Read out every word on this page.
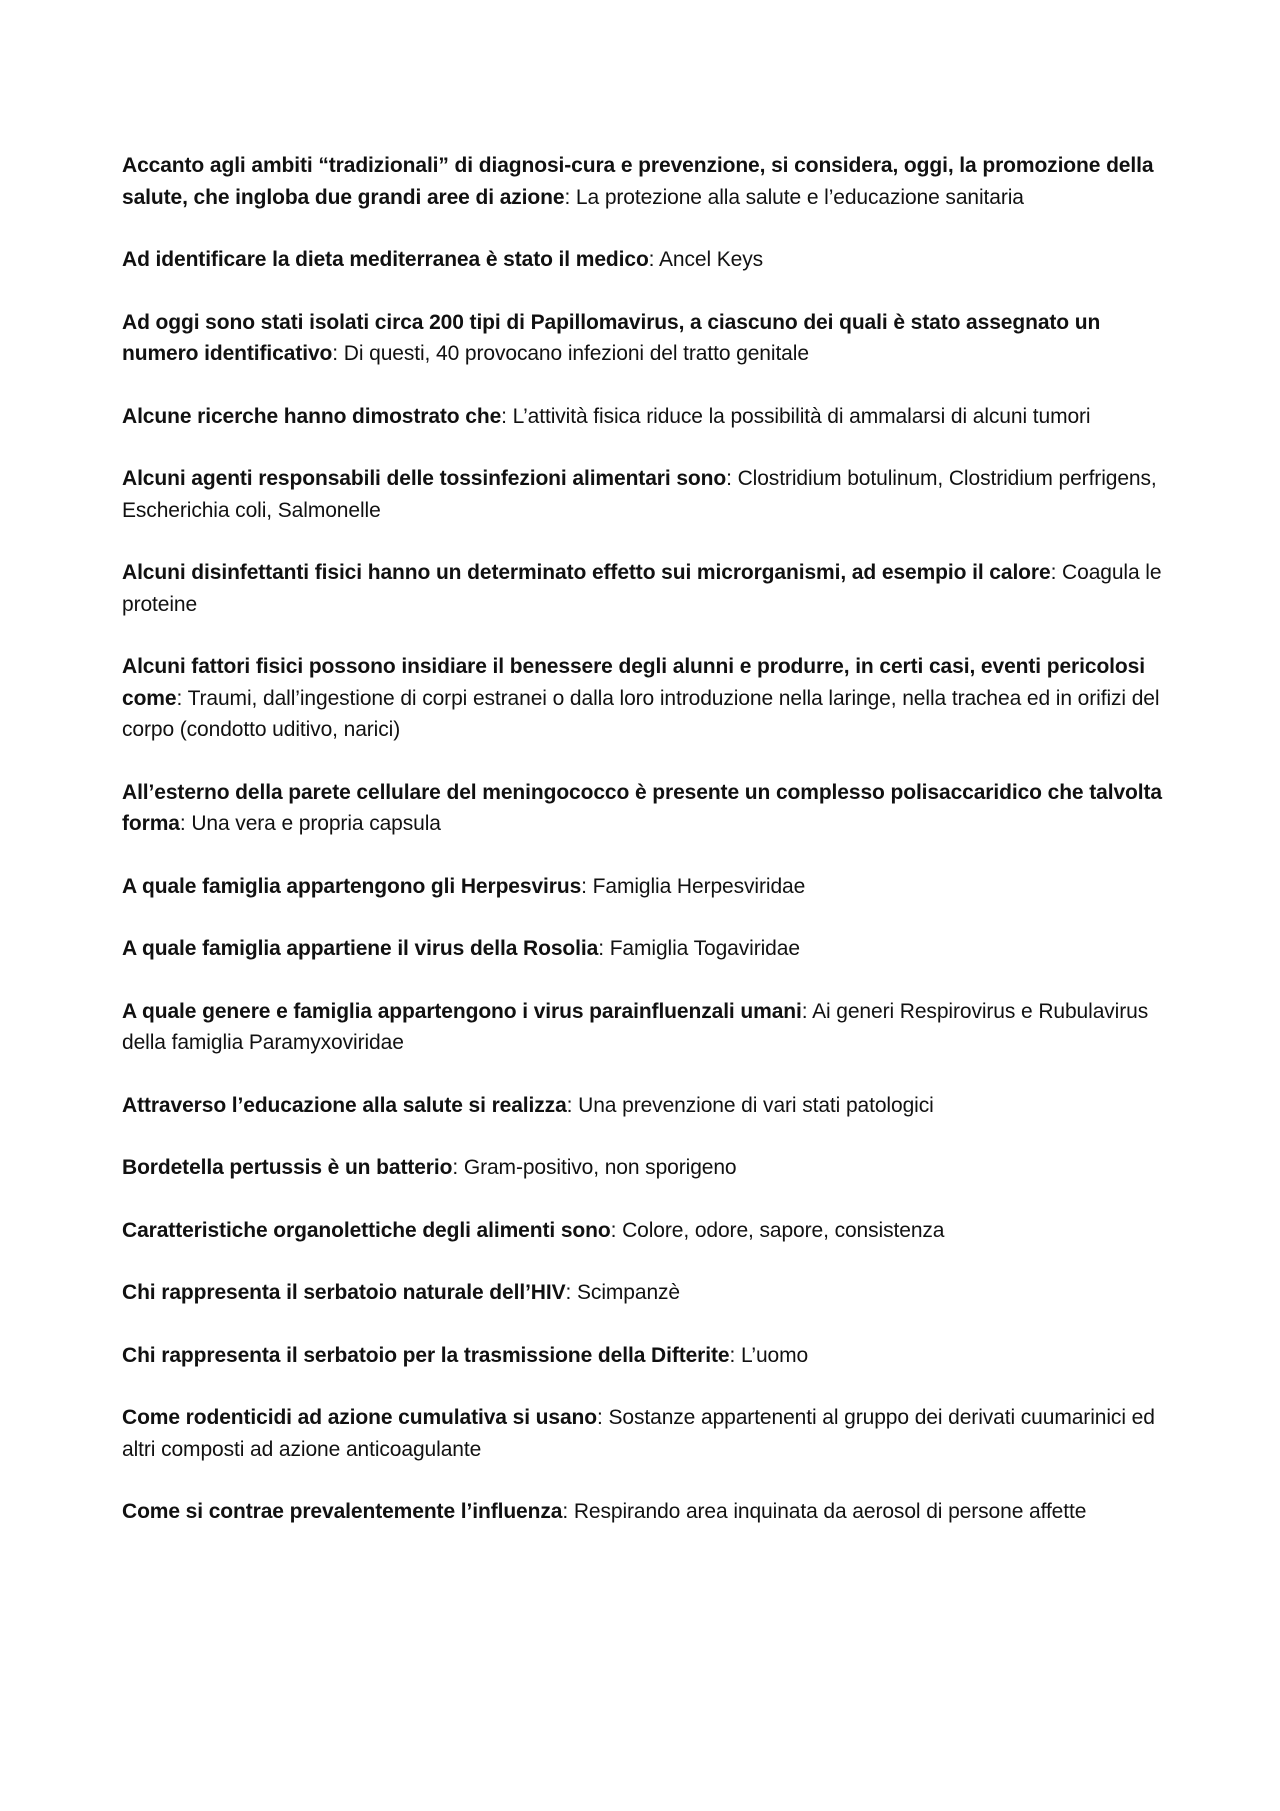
Accanto agli ambiti “tradizionali” di diagnosi-cura e prevenzione, si considera, oggi, la promozione della salute, che ingloba due grandi aree di azione: La protezione alla salute e l’educazione sanitaria

Ad identificare la dieta mediterranea è stato il medico: Ancel Keys

Ad oggi sono stati isolati circa 200 tipi di Papillomavirus, a ciascuno dei quali è stato assegnato un numero identificativo: Di questi, 40 provocano infezioni del tratto genitale

Alcune ricerche hanno dimostrato che: L’attività fisica riduce la possibilità di ammalarsi di alcuni tumori

Alcuni agenti responsabili delle tossinfezioni alimentari sono: Clostridium botulinum, Clostridium perfrigens, Escherichia coli, Salmonelle

Alcuni disinfettanti fisici hanno un determinato effetto sui microrganismi, ad esempio il calore: Coagula le proteine

Alcuni fattori fisici possono insidiare il benessere degli alunni e produrre, in certi casi, eventi pericolosi come: Traumi, dall’ingestione di corpi estranei o dalla loro introduzione nella laringe, nella trachea ed in orifizi del corpo (condotto uditivo, narici)

All’esterno della parete cellulare del meningococco è presente un complesso polisaccaridico che talvolta forma: Una vera e propria capsula

A quale famiglia appartengono gli Herpesvirus: Famiglia Herpesviridae

A quale famiglia appartiene il virus della Rosolia: Famiglia Togaviridae

A quale genere e famiglia appartengono i virus parainfluenzali umani: Ai generi Respirovirus e Rubulavirus della famiglia Paramyxoviridae

Attraverso l’educazione alla salute si realizza: Una prevenzione di vari stati patologici

Bordetella pertussis è un batterio: Gram-positivo, non sporigeno

Caratteristiche organolettiche degli alimenti sono: Colore, odore, sapore, consistenza

Chi rappresenta il serbatoio naturale dell’HIV: Scimpanzè

Chi rappresenta il serbatoio per la trasmissione della Difterite: L’uomo

Come rodenticidi ad azione cumulativa si usano: Sostanze appartenenti al gruppo dei derivati cuumarinici ed altri composti ad azione anticoagulante

Come si contrae prevalentemente l’influenza: Respirando area inquinata da aerosol di persone affette
